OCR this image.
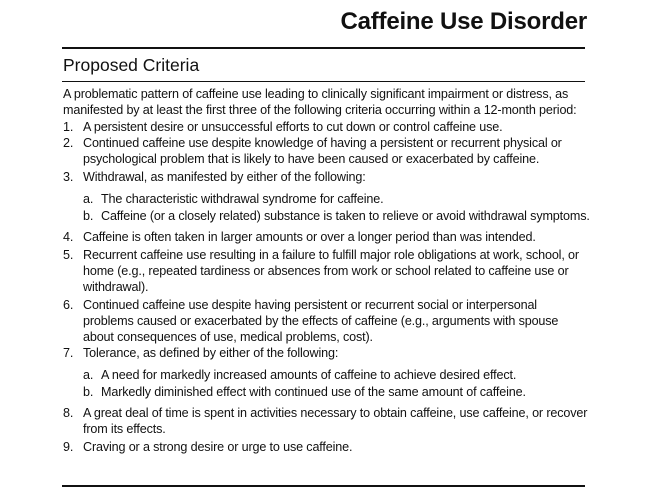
Caffeine Use Disorder
Proposed Criteria

A problematic pattern of caffeine use leading to clinically significant impairment or distress, as manifested by at least the first three of the following criteria occurring within a 12-month period:

1. A persistent desire or unsuccessful efforts to cut down or control caffeine use.
2. Continued caffeine use despite knowledge of having a persistent or recurrent physical or psychological problem that is likely to have been caused or exacerbated by caffeine.
3. Withdrawal, as manifested by either of the following:
a. The characteristic withdrawal syndrome for caffeine.
b. Caffeine (or a closely related) substance is taken to relieve or avoid withdrawal symptoms.
4. Caffeine is often taken in larger amounts or over a longer period than was intended.
5. Recurrent caffeine use resulting in a failure to fulfill major role obligations at work, school, or home (e.g., repeated tardiness or absences from work or school related to caffeine use or withdrawal).
6. Continued caffeine use despite having persistent or recurrent social or interpersonal problems caused or exacerbated by the effects of caffeine (e.g., arguments with spouse about consequences of use, medical problems, cost).
7. Tolerance, as defined by either of the following:
a. A need for markedly increased amounts of caffeine to achieve desired effect.
b. Markedly diminished effect with continued use of the same amount of caffeine.
8. A great deal of time is spent in activities necessary to obtain caffeine, use caffeine, or recover from its effects.
9. Craving or a strong desire or urge to use caffeine.
